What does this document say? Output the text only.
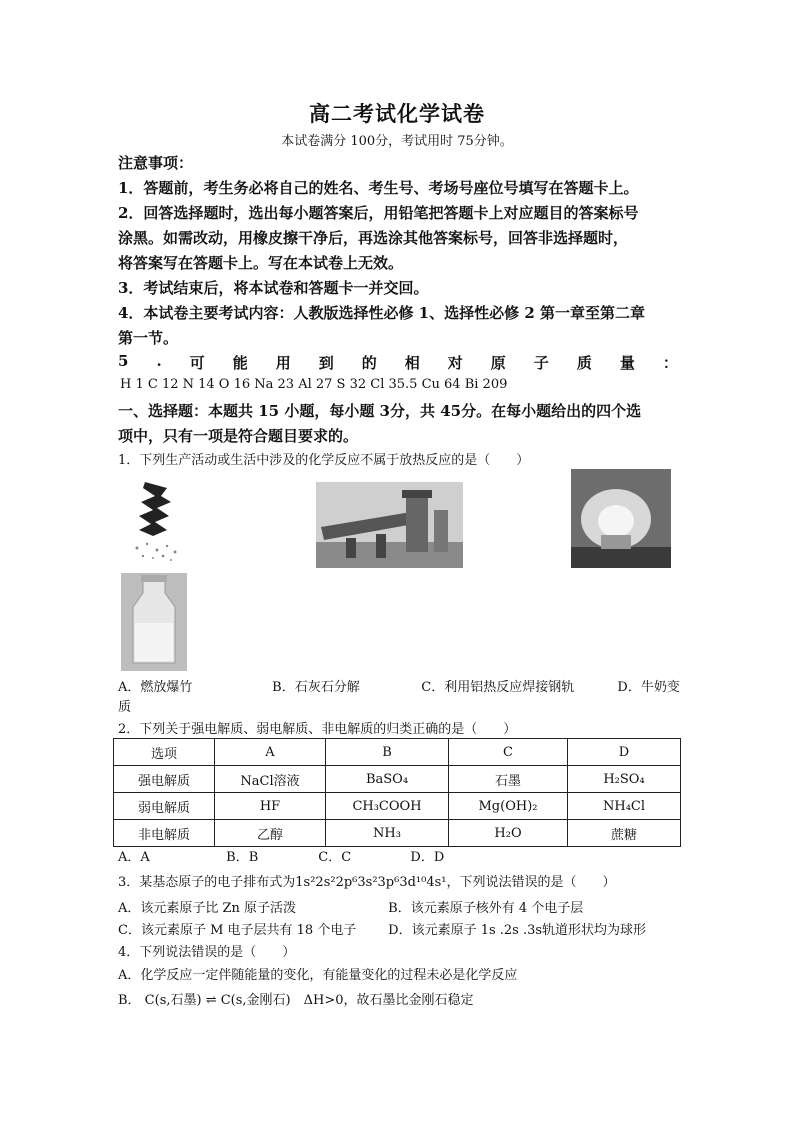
高二考试化学试卷
本试卷满分 100分，考试用时 75分钟。
注意事项：
1．答题前，考生务必将自己的姓名、考生号、考场号座位号填写在答题卡上。
2．回答选择题时，选出每小题答案后，用铅笔把答题卡上对应题目的答案标号
涂黑。如需改动，用橡皮擦干净后，再选涂其他答案标号，回答非选择题时，
将答案写在答题卡上。写在本试卷上无效。
3．考试结束后，将本试卷和答题卡一并交回。
4．本试卷主要考试内容：人教版选择性必修 1、选择性必修 2 第一章至第二章
第一节。
5 . 可 能 用 到 的 相 对 原 子 质 量 ：
H 1 C 12 N 14 O 16 Na 23 Al 27 S 32 Cl 35.5 Cu 64 Bi 209
一、选择题：本题共 15 小题，每小题 3分，共 45分。在每小题给出的四个选
项中，只有一项是符合题目要求的。
1．下列生产活动或生活中涉及的化学反应不属于放热反应的是（　　）
A．燃放爆竹	B．石灰石分解	C．利用铝热反应焊接钢轨	D．牛奶变
质
2．下列关于强电解质、弱电解质、非电解质的归类正确的是（　　）
选项	A	B	C	D
强电解质	NaCl溶液	BaSO₄	石墨	H₂SO₄
弱电解质	HF	CH₃COOH	Mg(OH)₂	NH₄Cl
非电解质	乙醇	NH₃	H₂O	蔗糖
A．A	B．B	C．C	D．D
3．某基态原子的电子排布式为1s²2s²2p⁶3s²3p⁶3d¹⁰4s¹，下列说法错误的是（　　）
A．该元素原子比 Zn 原子活泼	B．该元素原子核外有 4 个电子层
C．该元素原子 M 电子层共有 18 个电子 D．该元素原子 1s .2s .3s轨道形状均为球形
4．下列说法错误的是（　　）
A．化学反应一定伴随能量的变化，有能量变化的过程未必是化学反应
B． C(s,石墨) ⇌ C(s,金刚石)　ΔH>0，故石墨比金刚石稳定
